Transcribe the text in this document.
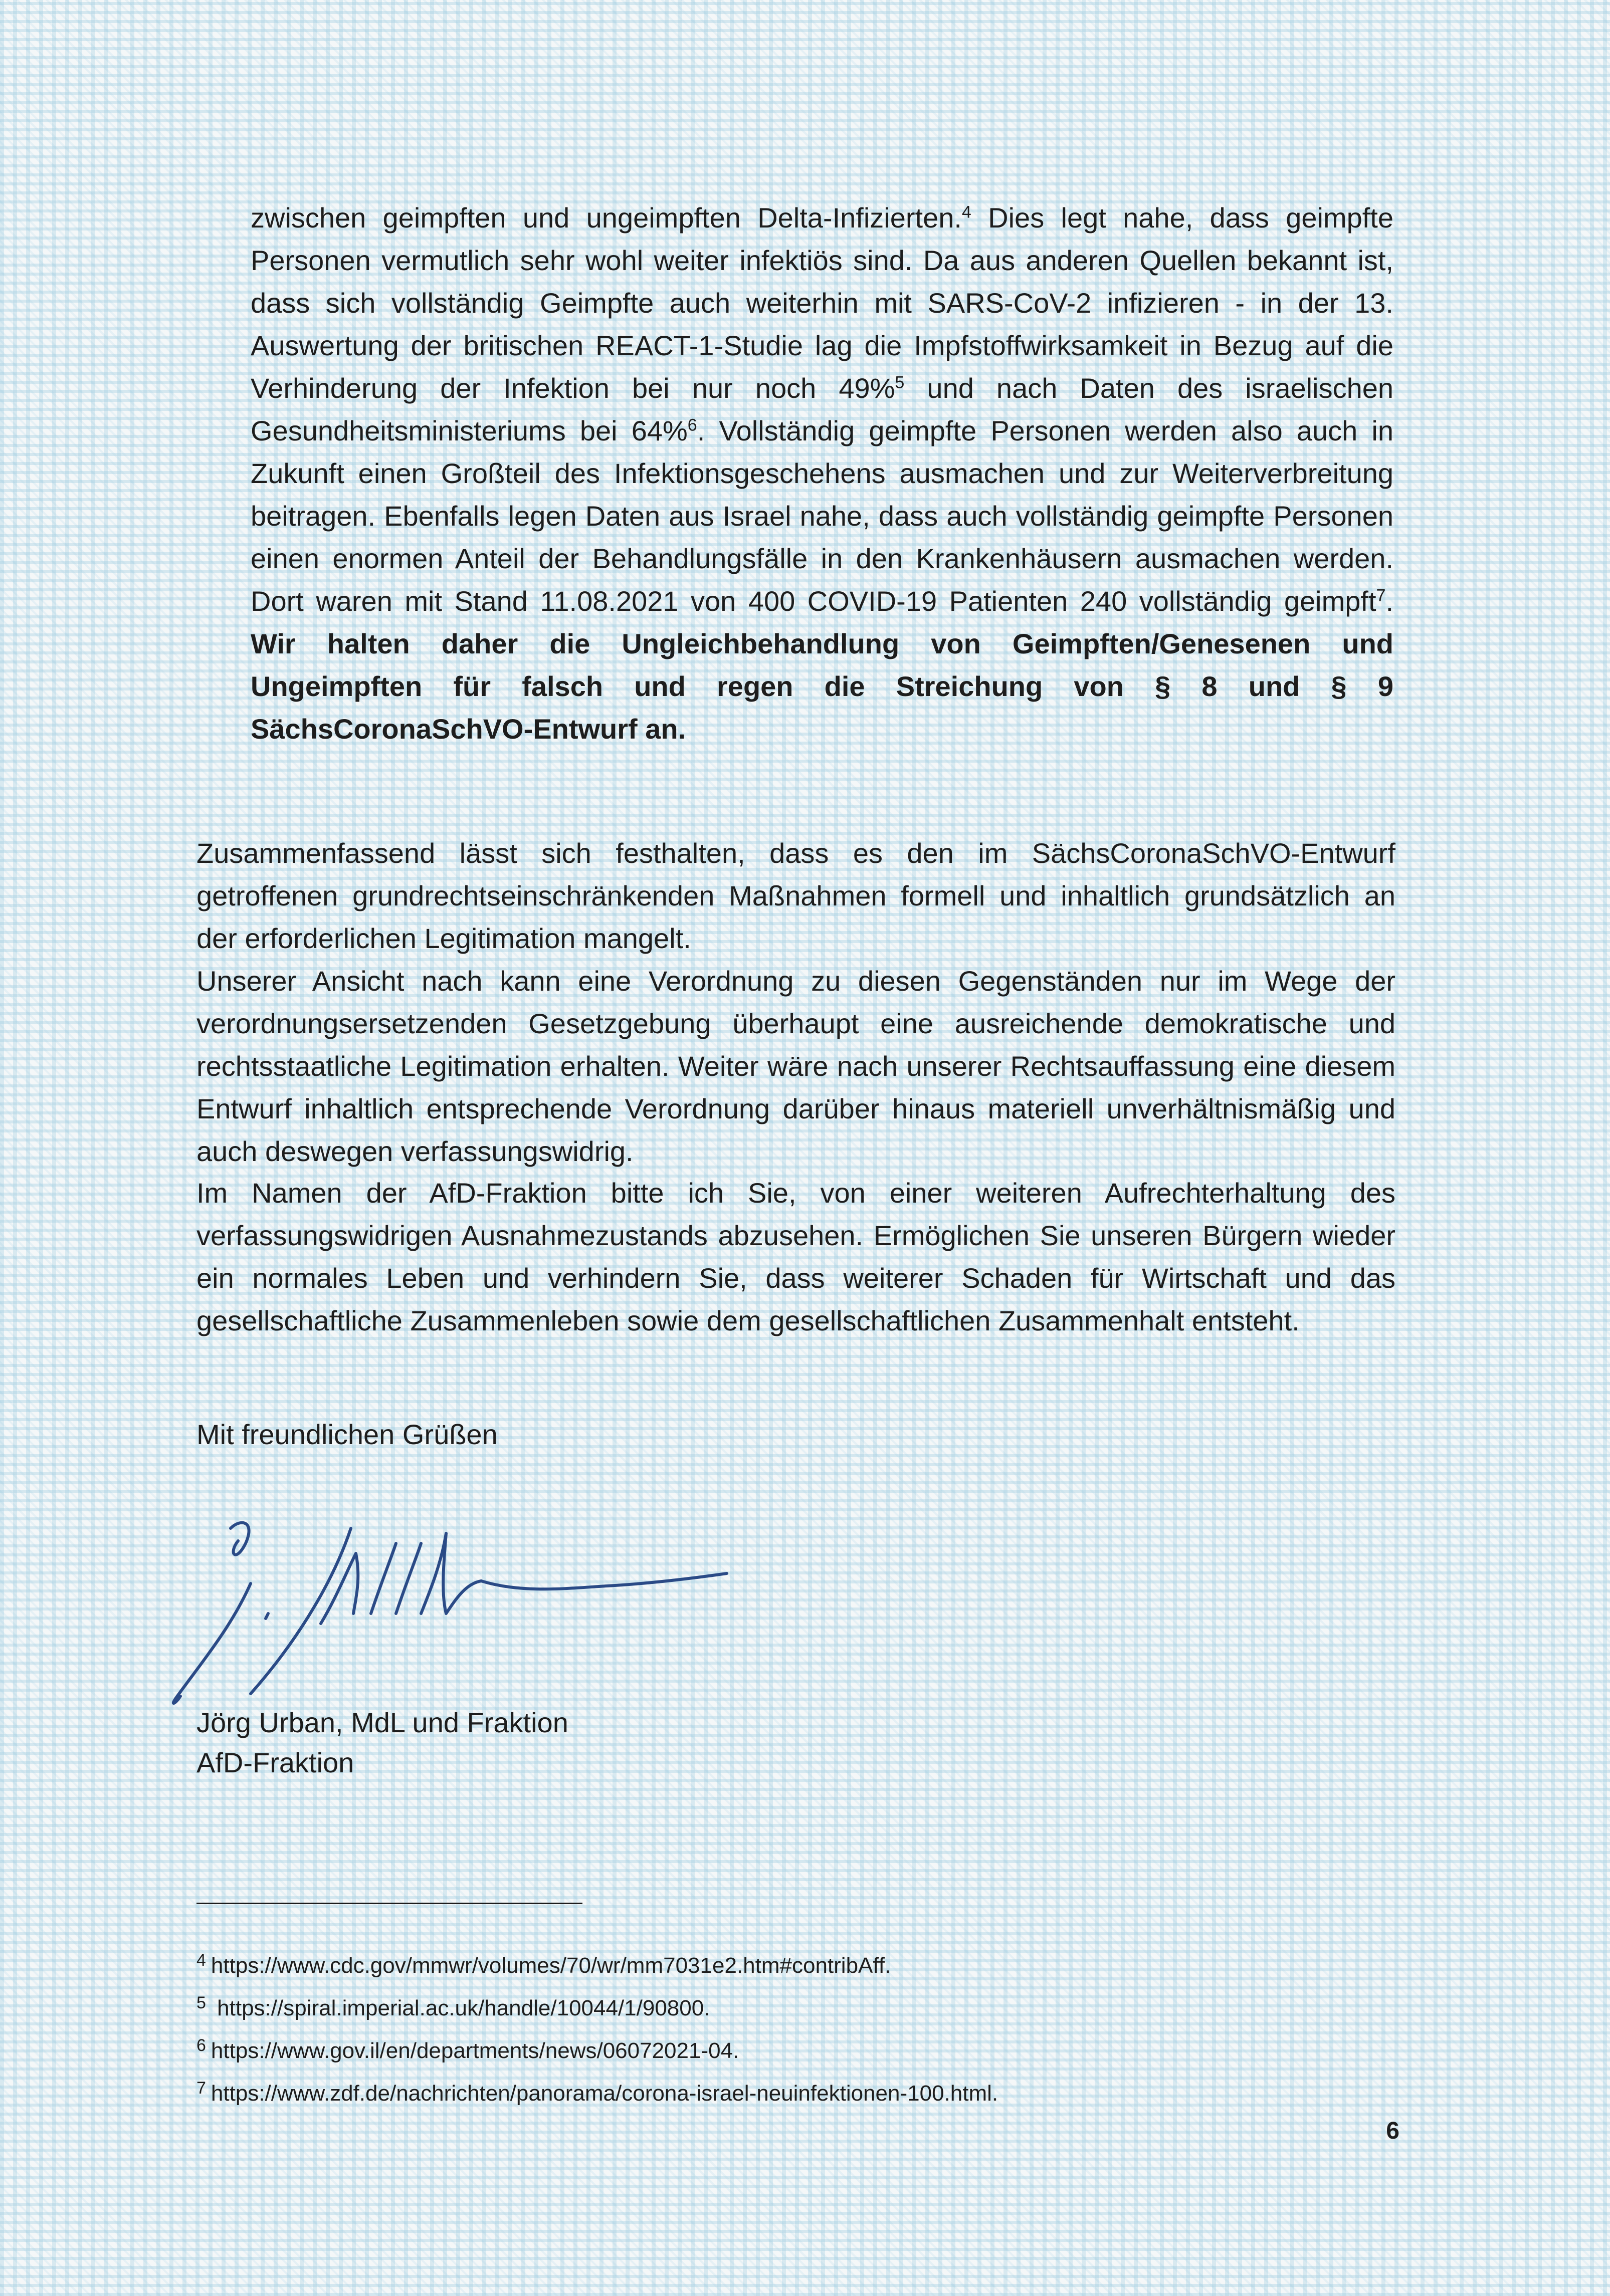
zwischen geimpften und ungeimpften Delta-Infizierten.$^4$ Dies legt nahe, dass geimpfte Personen vermutlich sehr wohl weiter infektiös sind. Da aus anderen Quellen bekannt ist, dass sich vollständig Geimpfte auch weiterhin mit SARS-CoV-2 infizieren - in der 13. Auswertung der britischen REACT-1-Studie lag die Impfstoffwirksamkeit in Bezug auf die Verhinderung der Infektion bei nur noch 49%$^5$ und nach Daten des israelischen Gesundheitsministeriums bei 64%$^6$. Vollständig geimpfte Personen werden also auch in Zukunft einen Großteil des Infektionsgeschehens ausmachen und zur Weiterverbreitung beitragen. Ebenfalls legen Daten aus Israel nahe, dass auch vollständig geimpfte Personen einen enormen Anteil der Behandlungsfälle in den Krankenhäusern ausmachen werden. Dort waren mit Stand 11.08.2021 von 400 COVID-19 Patienten 240 vollständig geimpft$^7$. Wir halten daher die Ungleichbehandlung von Geimpften/Genesenen und Ungeimpften für falsch und regen die Streichung von § 8 und § 9 SächsCoronaSchVO-Entwurf an.

Zusammenfassend lässt sich festhalten, dass es den im SächsCoronaSchVO-Entwurf getroffenen grundrechtseinschränkenden Maßnahmen formell und inhaltlich grundsätzlich an der erforderlichen Legitimation mangelt.

Unserer Ansicht nach kann eine Verordnung zu diesen Gegenständen nur im Wege der verordnungsersetzenden Gesetzgebung überhaupt eine ausreichende demokratische und rechtsstaatliche Legitimation erhalten. Weiter wäre nach unserer Rechtsauffassung eine diesem Entwurf inhaltlich entsprechende Verordnung darüber hinaus materiell unverhältnismäßig und auch deswegen verfassungswidrig.

Im Namen der AfD-Fraktion bitte ich Sie, von einer weiteren Aufrechterhaltung des verfassungswidrigen Ausnahmezustands abzusehen. Ermöglichen Sie unseren Bürgern wieder ein normales Leben und verhindern Sie, dass weiterer Schaden für Wirtschaft und das gesellschaftliche Zusammenleben sowie dem gesellschaftlichen Zusammenhalt entsteht.

Mit freundlichen Grüßen
Jörg Urban, MdL und Fraktion
AfD-Fraktion
4 https://www.cdc.gov/mmwr/volumes/70/wr/mm7031e2.htm#contribAff.
5 https://spiral.imperial.ac.uk/handle/10044/1/90800.
6 https://www.gov.il/en/departments/news/06072021-04.
7 https://www.zdf.de/nachrichten/panorama/corona-israel-neuinfektionen-100.html.
6
